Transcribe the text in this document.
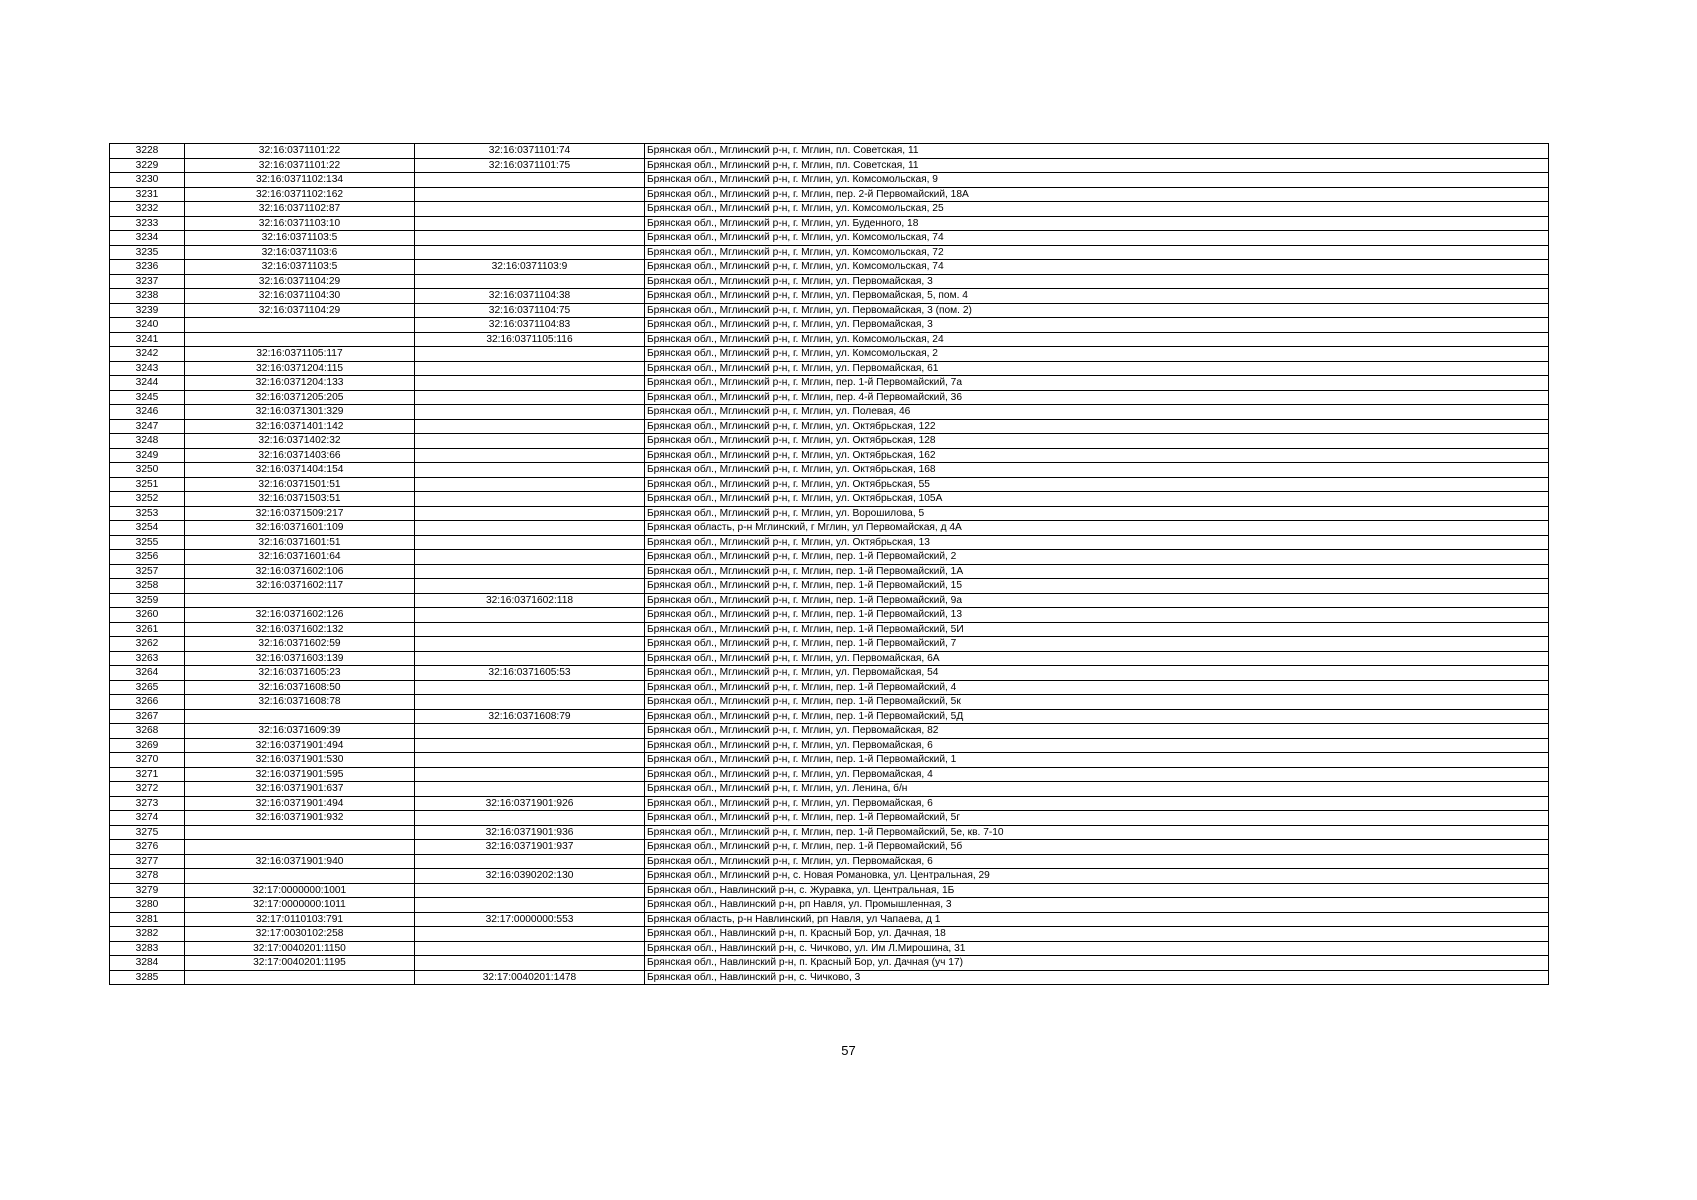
3228	32:16:0371101:22	32:16:0371101:74	Брянская обл., Мглинский р-н, г. Мглин, пл. Советская, 11
3229	32:16:0371101:22	32:16:0371101:75	Брянская обл., Мглинский р-н, г. Мглин, пл. Советская, 11
3230	32:16:0371102:134		Брянская обл., Мглинский р-н, г. Мглин, ул. Комсомольская, 9
3231	32:16:0371102:162		Брянская обл., Мглинский р-н, г. Мглин, пер. 2-й Первомайский, 18А
3232	32:16:0371102:87		Брянская обл., Мглинский р-н, г. Мглин, ул. Комсомольская, 25
3233	32:16:0371103:10		Брянская обл., Мглинский р-н, г. Мглин, ул. Буденного, 18
3234	32:16:0371103:5		Брянская обл., Мглинский р-н, г. Мглин, ул. Комсомольская, 74
3235	32:16:0371103:6		Брянская обл., Мглинский р-н, г. Мглин, ул. Комсомольская, 72
3236	32:16:0371103:5	32:16:0371103:9	Брянская обл., Мглинский р-н, г. Мглин, ул. Комсомольская, 74
3237	32:16:0371104:29		Брянская обл., Мглинский р-н, г. Мглин, ул. Первомайская, 3
3238	32:16:0371104:30	32:16:0371104:38	Брянская обл., Мглинский р-н, г. Мглин, ул. Первомайская, 5, пом. 4
3239	32:16:0371104:29	32:16:0371104:75	Брянская обл., Мглинский р-н, г. Мглин, ул. Первомайская, 3 (пом. 2)
3240		32:16:0371104:83	Брянская обл., Мглинский р-н, г. Мглин, ул. Первомайская, 3
3241		32:16:0371105:116	Брянская обл., Мглинский р-н, г. Мглин, ул. Комсомольская, 24
3242	32:16:0371105:117		Брянская обл., Мглинский р-н, г. Мглин, ул. Комсомольская, 2
3243	32:16:0371204:115		Брянская обл., Мглинский р-н, г. Мглин, ул. Первомайская, 61
3244	32:16:0371204:133		Брянская обл., Мглинский р-н, г. Мглин, пер. 1-й Первомайский, 7а
3245	32:16:0371205:205		Брянская обл., Мглинский р-н, г. Мглин, пер. 4-й Первомайский, 36
3246	32:16:0371301:329		Брянская обл., Мглинский р-н, г. Мглин, ул. Полевая, 46
3247	32:16:0371401:142		Брянская обл., Мглинский р-н, г. Мглин, ул. Октябрьская, 122
3248	32:16:0371402:32		Брянская обл., Мглинский р-н, г. Мглин, ул. Октябрьская, 128
3249	32:16:0371403:66		Брянская обл., Мглинский р-н, г. Мглин, ул. Октябрьская, 162
3250	32:16:0371404:154		Брянская обл., Мглинский р-н, г. Мглин, ул. Октябрьская, 168
3251	32:16:0371501:51		Брянская обл., Мглинский р-н, г. Мглин, ул. Октябрьская, 55
3252	32:16:0371503:51		Брянская обл., Мглинский р-н, г. Мглин, ул. Октябрьская, 105А
3253	32:16:0371509:217		Брянская обл., Мглинский р-н, г. Мглин, ул. Ворошилова, 5
3254	32:16:0371601:109		Брянская область, р-н Мглинский, г Мглин, ул Первомайская, д 4А
3255	32:16:0371601:51		Брянская обл., Мглинский р-н, г. Мглин, ул. Октябрьская, 13
3256	32:16:0371601:64		Брянская обл., Мглинский р-н, г. Мглин, пер. 1-й Первомайский, 2
3257	32:16:0371602:106		Брянская обл., Мглинский р-н, г. Мглин, пер. 1-й Первомайский, 1А
3258	32:16:0371602:117		Брянская обл., Мглинский р-н, г. Мглин, пер. 1-й Первомайский, 15
3259		32:16:0371602:118	Брянская обл., Мглинский р-н, г. Мглин, пер. 1-й Первомайский, 9а
3260	32:16:0371602:126		Брянская обл., Мглинский р-н, г. Мглин, пер. 1-й Первомайский, 13
3261	32:16:0371602:132		Брянская обл., Мглинский р-н, г. Мглин, пер. 1-й Первомайский, 5И
3262	32:16:0371602:59		Брянская обл., Мглинский р-н, г. Мглин, пер. 1-й Первомайский, 7
3263	32:16:0371603:139		Брянская обл., Мглинский р-н, г. Мглин, ул. Первомайская, 6А
3264	32:16:0371605:23	32:16:0371605:53	Брянская обл., Мглинский р-н, г. Мглин, ул. Первомайская, 54
3265	32:16:0371608:50		Брянская обл., Мглинский р-н, г. Мглин, пер. 1-й Первомайский, 4
3266	32:16:0371608:78		Брянская обл., Мглинский р-н, г. Мглин, пер. 1-й Первомайский, 5к
3267		32:16:0371608:79	Брянская обл., Мглинский р-н, г. Мглин, пер. 1-й Первомайский, 5Д
3268	32:16:0371609:39		Брянская обл., Мглинский р-н, г. Мглин, ул. Первомайская, 82
3269	32:16:0371901:494		Брянская обл., Мглинский р-н, г. Мглин, ул. Первомайская, 6
3270	32:16:0371901:530		Брянская обл., Мглинский р-н, г. Мглин, пер. 1-й Первомайский, 1
3271	32:16:0371901:595		Брянская обл., Мглинский р-н, г. Мглин, ул. Первомайская, 4
3272	32:16:0371901:637		Брянская обл., Мглинский р-н, г. Мглин, ул. Ленина, б/н
3273	32:16:0371901:494	32:16:0371901:926	Брянская обл., Мглинский р-н, г. Мглин, ул. Первомайская, 6
3274	32:16:0371901:932		Брянская обл., Мглинский р-н, г. Мглин, пер. 1-й Первомайский, 5г
3275		32:16:0371901:936	Брянская обл., Мглинский р-н, г. Мглин, пер. 1-й Первомайский, 5е, кв. 7-10
3276		32:16:0371901:937	Брянская обл., Мглинский р-н, г. Мглин, пер. 1-й Первомайский, 5б
3277	32:16:0371901:940		Брянская обл., Мглинский р-н, г. Мглин, ул. Первомайская, 6
3278		32:16:0390202:130	Брянская обл., Мглинский р-н, с. Новая Романовка, ул. Центральная, 29
3279	32:17:0000000:1001		Брянская обл., Навлинский р-н, с. Журавка, ул. Центральная, 1Б
3280	32:17:0000000:1011		Брянская обл., Навлинский р-н, рп Навля, ул. Промышленная, 3
3281	32:17:0110103:791	32:17:0000000:553	Брянская область, р-н Навлинский, рп Навля, ул Чапаева, д 1
3282	32:17:0030102:258		Брянская обл., Навлинский р-н, п. Красный Бор, ул. Дачная, 18
3283	32:17:0040201:1150		Брянская обл., Навлинский р-н, с. Чичково, ул. Им Л.Мирошина, 31
3284	32:17:0040201:1195		Брянская обл., Навлинский р-н, п. Красный Бор, ул. Дачная (уч 17)
3285		32:17:0040201:1478	Брянская обл., Навлинский р-н, с. Чичково, 3
57
